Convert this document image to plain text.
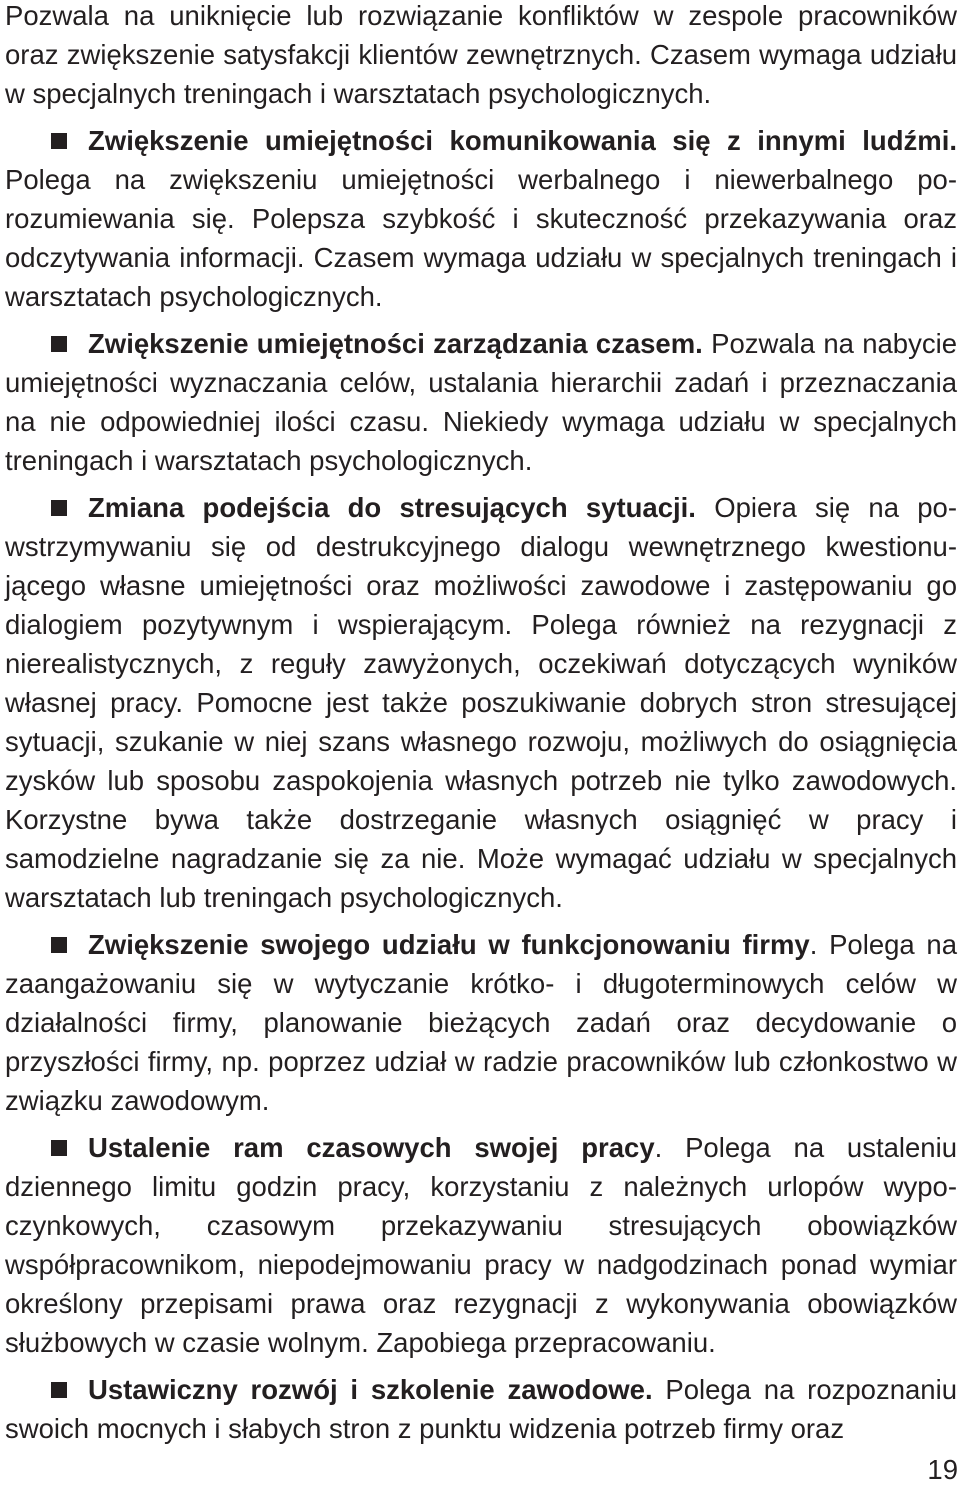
Pozwala na uniknięcie lub rozwiązanie konfliktów w zespole pracowników oraz zwiększenie satysfakcji klientów zewnętrznych. Czasem wymaga udziału w specjalnych treningach i warsztatach psychologicznych.

Zwiększenie umiejętności komunikowania się z innymi ludźmi. Polega na zwiększeniu umiejętności werbalnego i niewerbalnego porozumiewania się. Polepsza szybkość i skuteczność przekazywania oraz odczytywania informacji. Czasem wymaga udziału w specjalnych treningach i warsztatach psychologicznych.

Zwiększenie umiejętności zarządzania czasem. Pozwala na nabycie umiejętności wyznaczania celów, ustalania hierarchii zadań i przeznaczania na nie odpowiedniej ilości czasu. Niekiedy wymaga udziału w specjalnych treningach i warsztatach psychologicznych.

Zmiana podejścia do stresujących sytuacji. Opiera się na powstrzymywaniu się od destrukcyjnego dialogu wewnętrznego kwestionującego własne umiejętności oraz możliwości zawodowe i zastępowaniu go dialogiem pozytywnym i wspierającym. Polega również na rezygnacji z nierealistycznych, z reguły zawyżonych, oczekiwań dotyczących wyników własnej pracy. Pomocne jest także poszukiwanie dobrych stron stresującej sytuacji, szukanie w niej szans własnego rozwoju, możliwych do osiągnięcia zysków lub sposobu zaspokojenia własnych potrzeb nie tylko zawodowych. Korzystne bywa także dostrzeganie własnych osiągnięć w pracy i samodzielne nagradzanie się za nie. Może wymagać udziału w specjalnych warsztatach lub treningach psychologicznych.

Zwiększenie swojego udziału w funkcjonowaniu firmy. Polega na zaangażowaniu się w wytyczanie krótko- i długoterminowych celów w działalności firmy, planowanie bieżących zadań oraz decydowanie o przyszłości firmy, np. poprzez udział w radzie pracowników lub członkostwo w związku zawodowym.

Ustalenie ram czasowych swojej pracy. Polega na ustaleniu dziennego limitu godzin pracy, korzystaniu z należnych urlopów wypoczynkowych, czasowym przekazywaniu stresujących obowiązków współpracownikom, niepodejmowaniu pracy w nadgodzinach ponad wymiar określony przepisami prawa oraz rezygnacji z wykonywania obowiązków służbowych w czasie wolnym. Zapobiega przepracowaniu.

Ustawiczny rozwój i szkolenie zawodowe. Polega na rozpoznaniu swoich mocnych i słabych stron z punktu widzenia potrzeb firmy oraz

19
